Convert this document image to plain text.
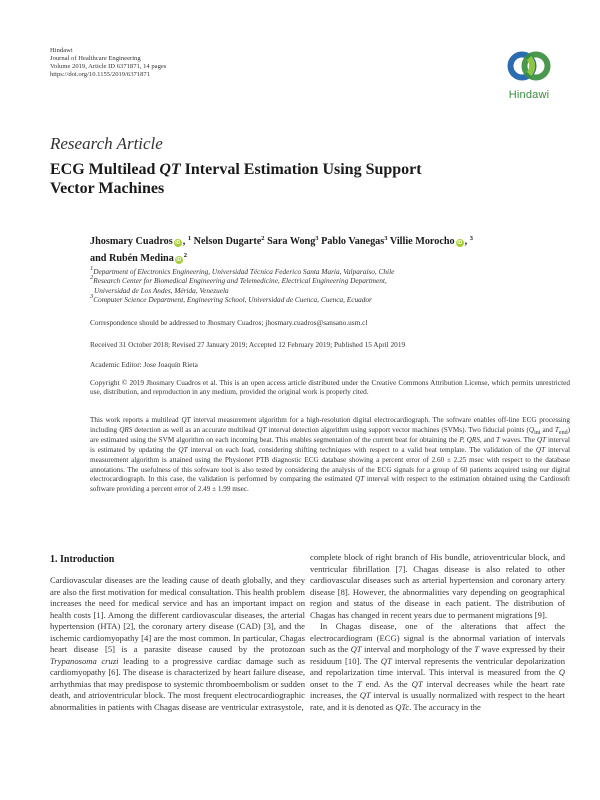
Hindawi
Journal of Healthcare Engineering
Volume 2019, Article ID 6371871, 14 pages
https://doi.org/10.1155/2019/6371871
Hindawi
Research Article
ECG Multilead QT Interval Estimation Using Support
Vector Machines
Jhosmary Cuadros iD , $^1$ Nelson Dugarte$^2$ Sara Wong$^3$ Pablo Vanegas$^3$ Villie Morocho iD , $^3$
and Rubén Medina $iD^2$
$^1$Department of Electronics Engineering, Universidad Técnica Federico Santa María, Valparaíso, Chile
$^2$Research Center for Biomedical Engineering and Telemedicine, Electrical Engineering Department,
Universidad de Los Andes, Mérida, Venezuela
$^3$Computer Science Department, Engineering School, Universidad de Cuenca, Cuenca, Ecuador
Correspondence should be addressed to Jhosmary Cuadros; jhosmary.cuadros@sansano.usm.cl
Received 31 October 2018; Revised 27 January 2019; Accepted 12 February 2019; Published 15 April 2019
Academic Editor: Jose Joaquín Rieta
Copyright © 2019 Jhosmary Cuadros et al. This is an open access article distributed under the Creative Commons Attribution License, which permits unrestricted use, distribution, and reproduction in any medium, provided the original work is properly cited.
This work reports a multilead QT interval measurement algorithm for a high-resolution digital electrocardiograph. The software enables off-line ECG processing including QRS detection as well as an accurate multilead QT interval detection algorithm using support vector machines (SVMs). Two fiducial points ($Q_{ini}$ and $T_{end}$) are estimated using the SVM algorithm on each incoming beat. This enables segmentation of the current beat for obtaining the P, QRS, and T waves. The QT interval is estimated by updating the QT interval on each lead, considering shifting techniques with respect to a valid beat template. The validation of the QT interval measurement algorithm is attained using the Physionet PTB diagnostic ECG database showing a percent error of 2.60 ± 2.25 msec with respect to the database annotations. The usefulness of this software tool is also tested by considering the analysis of the ECG signals for a group of 60 patients acquired using our digital electrocardiograph. In this case, the validation is performed by comparing the estimated QT interval with respect to the estimation obtained using the Cardiosoft software providing a percent error of 2.49 ± 1.99 msec.
1. Introduction

Cardiovascular diseases are the leading cause of death globally, and they are also the first motivation for medical consultation. This health problem increases the need for medical service and has an important impact on health costs [1]. Among the different cardiovascular diseases, the arterial hypertension (HTA) [2], the coronary artery disease (CAD) [3], and the ischemic cardiomyopathy [4] are the most common. In particular, Chagas heart disease [5] is a parasite disease caused by the protozoan Trypanosoma cruzi leading to a progressive cardiac damage such as cardiomyopathy [6]. The disease is characterized by heart failure disease, arrhythmias that may predispose to systemic thromboembolism or sudden death, and atrioventricular block. The most frequent electrocardiographic abnormalities in patients with Chagas disease are ventricular extrasystole,

complete block of right branch of His bundle, atrioventricular block, and ventricular fibrillation [7]. Chagas disease is also related to other cardiovascular diseases such as arterial hypertension and coronary artery disease [8]. However, the abnormalities vary depending on geographical region and status of the disease in each patient. The distribution of Chagas has changed in recent years due to permanent migrations [9].

In Chagas disease, one of the alterations that affect the electrocardiogram (ECG) signal is the abnormal variation of intervals such as the QT interval and morphology of the T wave expressed by their residuum [10]. The QT interval represents the ventricular depolarization and repolarization time interval. This interval is measured from the Q onset to the T end. As the QT interval decreases while the heart rate increases, the QT interval is usually normalized with respect to the heart rate, and it is denoted as QTc. The accuracy in the
